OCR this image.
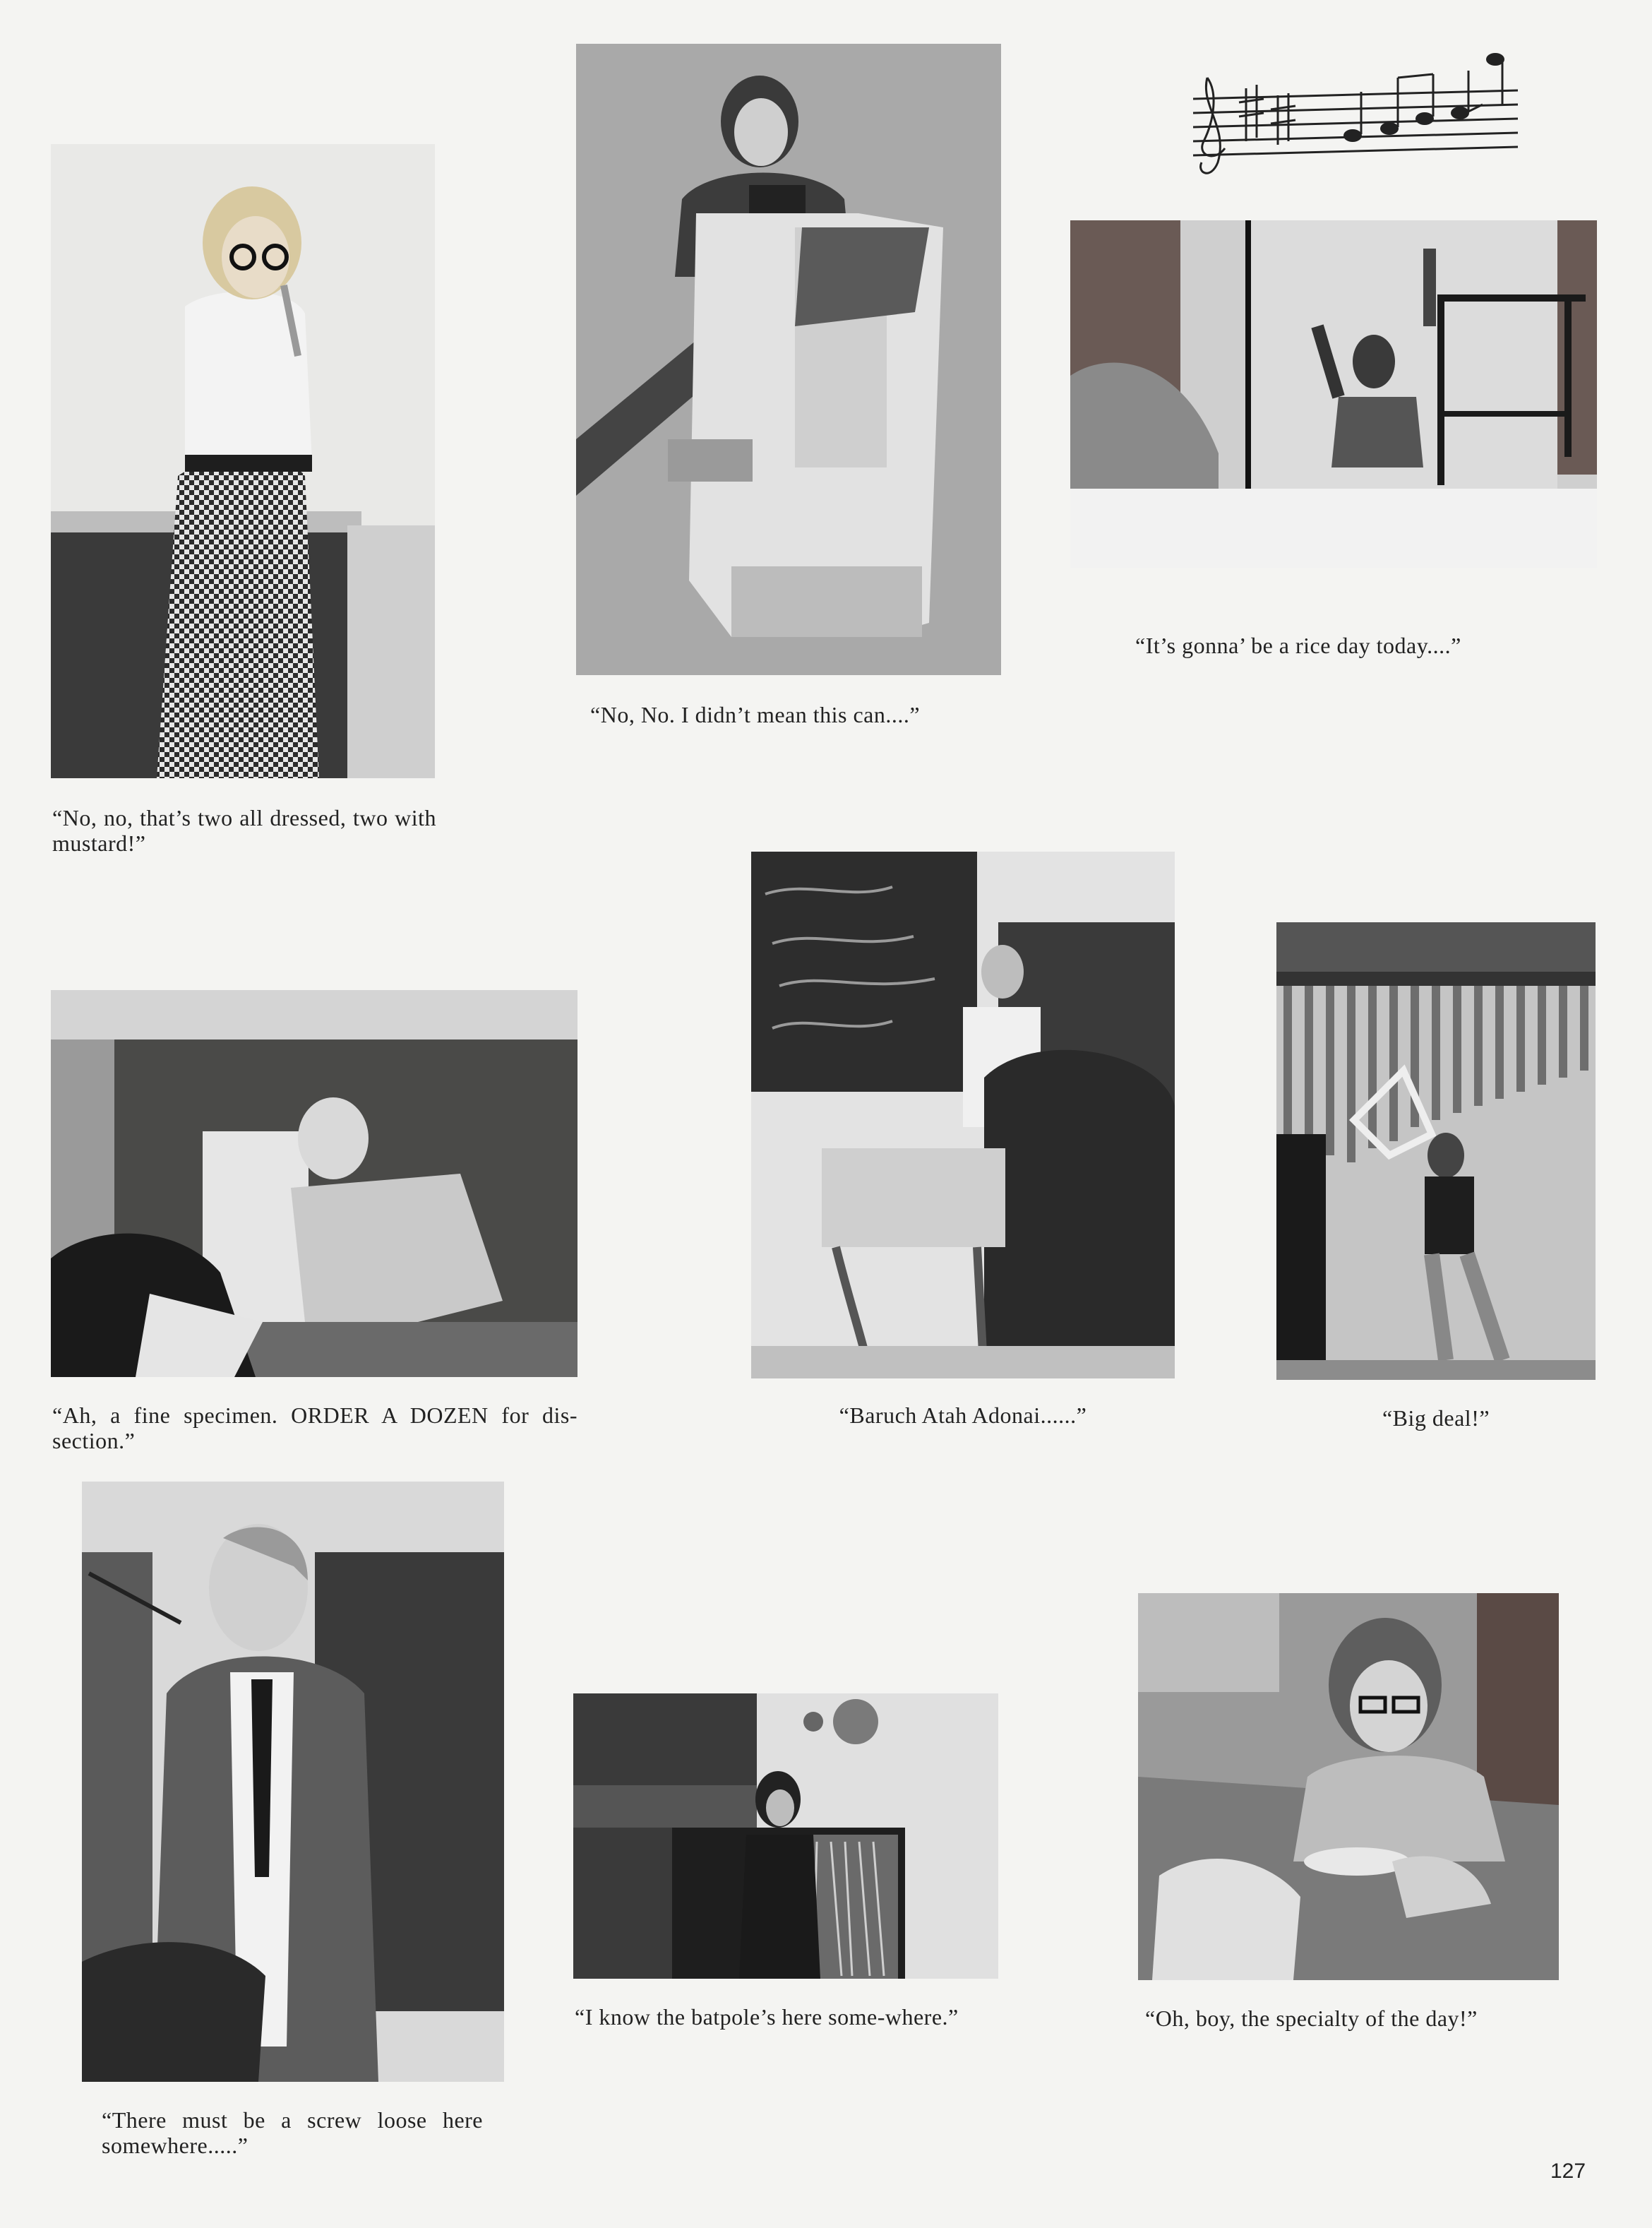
“No, no, that’s two all dressed, two with mustard!”
“No, No. I didn’t mean this can....”
“It’s gonna’ be a rice day today....”
“Ah, a fine specimen. ORDER A DOZEN for dis-section.”
“Baruch Atah Adonai......”	“Big deal!”
“There must be a screw loose here somewhere.....”
“I know the batpole’s here some-where.”	“Oh, boy, the specialty of the day!”
127
